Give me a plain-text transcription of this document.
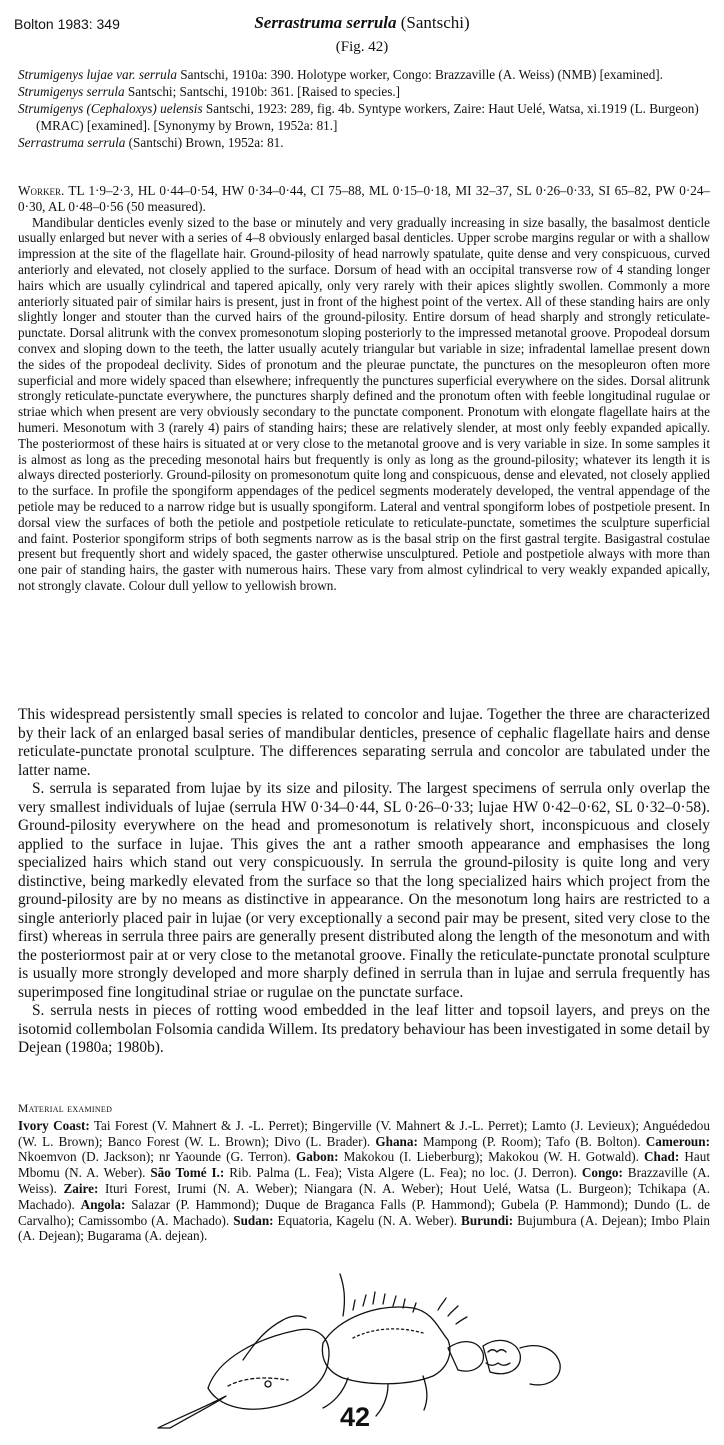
Bolton 1983: 349	Serrastruma serrula (Santschi)
(Fig. 42)

Strumigenys lujae var. serrula Santschi, 1910a: 390. Holotype worker, Congo: Brazzaville (A. Weiss) (NMB) [examined].

Strumigenys serrula Santschi; Santschi, 1910b: 361. [Raised to species.]

Strumigenys (Cephaloxys) uelensis Santschi, 1923: 289, fig. 4b. Syntype workers, Zaire: Haut Uelé, Watsa, xi.1919 (L. Burgeon) (MRAC) [examined]. [Synonymy by Brown, 1952a: 81.]

Serrastruma serrula (Santschi) Brown, 1952a: 81.

Worker. TL 1·9–2·3, HL 0·44–0·54, HW 0·34–0·44, CI 75–88, ML 0·15–0·18, MI 32–37, SL 0·26–0·33, SI 65–82, PW 0·24–0·30, AL 0·48–0·56 (50 measured).

Mandibular denticles evenly sized to the base or minutely and very gradually increasing in size basally, the basalmost denticle usually enlarged but never with a series of 4–8 obviously enlarged basal denticles. Upper scrobe margins regular or with a shallow impression at the site of the flagellate hair. Ground-pilosity of head narrowly spatulate, quite dense and very conspicuous, curved anteriorly and elevated, not closely applied to the surface. Dorsum of head with an occipital transverse row of 4 standing longer hairs which are usually cylindrical and tapered apically, only very rarely with their apices slightly swollen. Commonly a more anteriorly situated pair of similar hairs is present, just in front of the highest point of the vertex. All of these standing hairs are only slightly longer and stouter than the curved hairs of the ground-pilosity. Entire dorsum of head sharply and strongly reticulate-punctate. Dorsal alitrunk with the convex promesonotum sloping posteriorly to the impressed metanotal groove. Propodeal dorsum convex and sloping down to the teeth, the latter usually acutely triangular but variable in size; infradental lamellae present down the sides of the propodeal declivity. Sides of pronotum and the pleurae punctate, the punctures on the mesopleuron often more superficial and more widely spaced than elsewhere; infrequently the punctures superficial everywhere on the sides. Dorsal alitrunk strongly reticulate-punctate everywhere, the punctures sharply defined and the pronotum often with feeble longitudinal rugulae or striae which when present are very obviously secondary to the punctate component. Pronotum with elongate flagellate hairs at the humeri. Mesonotum with 3 (rarely 4) pairs of standing hairs; these are relatively slender, at most only feebly expanded apically. The posteriormost of these hairs is situated at or very close to the metanotal groove and is very variable in size. In some samples it is almost as long as the preceding mesonotal hairs but frequently is only as long as the ground-pilosity; whatever its length it is always directed posteriorly. Ground-pilosity on promesonotum quite long and conspicuous, dense and elevated, not closely applied to the surface. In profile the spongiform appendages of the pedicel segments moderately developed, the ventral appendage of the petiole may be reduced to a narrow ridge but is usually spongiform. Lateral and ventral spongiform lobes of postpetiole present. In dorsal view the surfaces of both the petiole and postpetiole reticulate to reticulate-punctate, sometimes the sculpture superficial and faint. Posterior spongiform strips of both segments narrow as is the basal strip on the first gastral tergite. Basigastral costulae present but frequently short and widely spaced, the gaster otherwise unsculptured. Petiole and postpetiole always with more than one pair of standing hairs, the gaster with numerous hairs. These vary from almost cylindrical to very weakly expanded apically, not strongly clavate. Colour dull yellow to yellowish brown.

This widespread persistently small species is related to concolor and lujae. Together the three are characterized by their lack of an enlarged basal series of mandibular denticles, presence of cephalic flagellate hairs and dense reticulate-punctate pronotal sculpture. The differences separating serrula and concolor are tabulated under the latter name.

S. serrula is separated from lujae by its size and pilosity. The largest specimens of serrula only overlap the very smallest individuals of lujae (serrula HW 0·34–0·44, SL 0·26–0·33; lujae HW 0·42–0·62, SL 0·32–0·58). Ground-pilosity everywhere on the head and promesonotum is relatively short, inconspicuous and closely applied to the surface in lujae. This gives the ant a rather smooth appearance and emphasises the long specialized hairs which stand out very conspicuously. In serrula the ground-pilosity is quite long and very distinctive, being markedly elevated from the surface so that the long specialized hairs which project from the ground-pilosity are by no means as distinctive in appearance. On the mesonotum long hairs are restricted to a single anteriorly placed pair in lujae (or very exceptionally a second pair may be present, sited very close to the first) whereas in serrula three pairs are generally present distributed along the length of the mesonotum and with the posteriormost pair at or very close to the metanotal groove. Finally the reticulate-punctate pronotal sculpture is usually more strongly developed and more sharply defined in serrula than in lujae and serrula frequently has superimposed fine longitudinal striae or rugulae on the punctate surface.

S. serrula nests in pieces of rotting wood embedded in the leaf litter and topsoil layers, and preys on the isotomid collembolan Folsomia candida Willem. Its predatory behaviour has been investigated in some detail by Dejean (1980a; 1980b).

Material examined

Ivory Coast: Tai Forest (V. Mahnert & J. -L. Perret); Bingerville (V. Mahnert & J.-L. Perret); Lamto (J. Levieux); Anguédedou (W. L. Brown); Banco Forest (W. L. Brown); Divo (L. Brader). Ghana: Mampong (P. Room); Tafo (B. Bolton). Cameroun: Nkoemvon (D. Jackson); nr Yaounde (G. Terron). Gabon: Makokou (I. Lieberburg); Makokou (W. H. Gotwald). Chad: Haut Mbomu (N. A. Weber). São Tomé I.: Rib. Palma (L. Fea); Vista Algere (L. Fea); no loc. (J. Derron). Congo: Brazzaville (A. Weiss). Zaire: Ituri Forest, Irumi (N. A. Weber); Niangara (N. A. Weber); Hout Uelé, Watsa (L. Burgeon); Tchikapa (A. Machado). Angola: Salazar (P. Hammond); Duque de Braganca Falls (P. Hammond); Gubela (P. Hammond); Dundo (L. de Carvalho); Camissombo (A. Machado). Sudan: Equatoria, Kagelu (N. A. Weber). Burundi: Bujumbura (A. Dejean); Imbo Plain (A. Dejean); Bugarama (A. dejean).

42
